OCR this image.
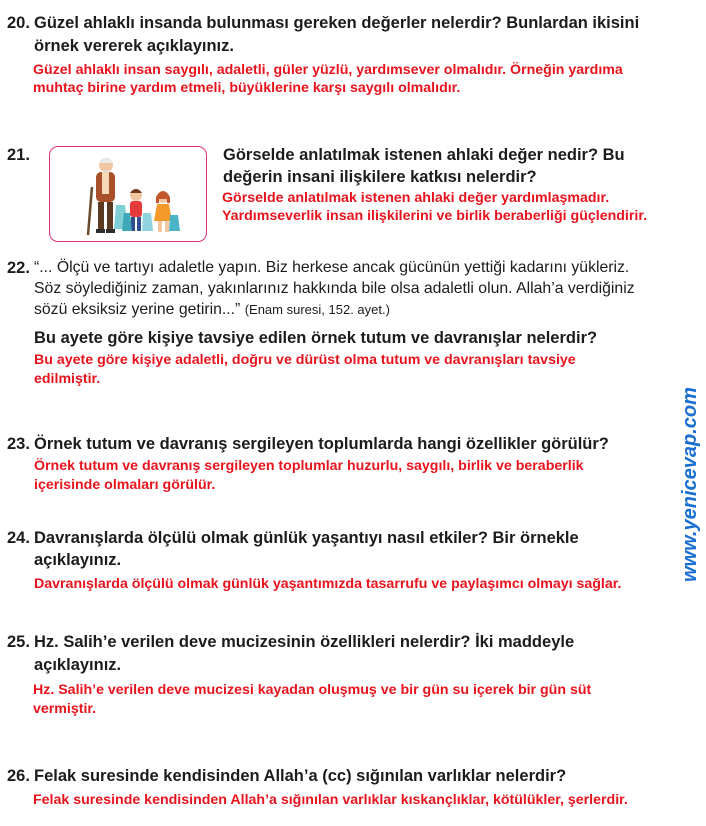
20. Güzel ahlaklı insanda bulunması gereken değerler nelerdir? Bunlardan ikisini
örnek vererek açıklayınız.
Güzel ahlaklı insan saygılı, adaletli, güler yüzlü, yardımsever olmalıdır. Örneğin yardıma
muhtaç birine yardım etmeli, büyüklerine karşı saygılı olmalıdır.
21.	Görselde anlatılmak istenen ahlaki değer nedir? Bu
değerin insani ilişkilere katkısı nelerdir?
Görselde anlatılmak istenen ahlaki değer yardımlaşmadır.
Yardımseverlik insan ilişkilerini ve birlik beraberliği güçlendirir.
22. “... Ölçü ve tartıyı adaletle yapın. Biz herkese ancak gücünün yettiği kadarını yükleriz.
Söz söylediğiniz zaman, yakınlarınız hakkında bile olsa adaletli olun. Allah’a verdiğiniz
sözü eksiksiz yerine getirin...” (Enam suresi, 152. ayet.)
Bu ayete göre kişiye tavsiye edilen örnek tutum ve davranışlar nelerdir?
Bu ayete göre kişiye adaletli, doğru ve dürüst olma tutum ve davranışları tavsiye
edilmiştir.
23. Örnek tutum ve davranış sergileyen toplumlarda hangi özellikler görülür?
Örnek tutum ve davranış sergileyen toplumlar huzurlu, saygılı, birlik ve beraberlik
içerisinde olmaları görülür.
24. Davranışlarda ölçülü olmak günlük yaşantıyı nasıl etkiler? Bir örnekle
açıklayınız.
Davranışlarda ölçülü olmak günlük yaşantımızda tasarrufu ve paylaşımcı olmayı sağlar.
25. Hz. Salih’e verilen deve mucizesinin özellikleri nelerdir? İki maddeyle
açıklayınız.
Hz. Salih’e verilen deve mucizesi kayadan oluşmuş ve bir gün su içerek bir gün süt
vermiştir.
26. Felak suresinde kendisinden Allah’a (cc) sığınılan varlıklar nelerdir?
Felak suresinde kendisinden Allah’a sığınılan varlıklar kıskançlıklar, kötülükler, şerlerdir.
www.yenicevap.com
